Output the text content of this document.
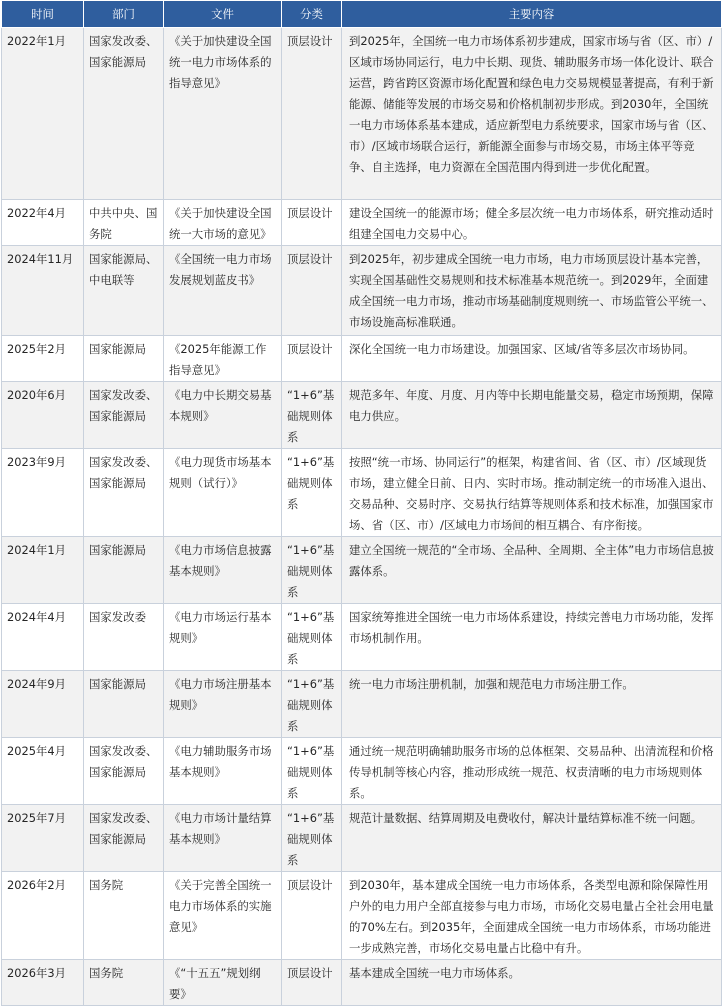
时间	部门	文件	分类	主要内容
2022年1月	国家发改委、国家能源局	《关于加快建设全国统一电力市场体系的指导意见》	顶层设计	到2025年，全国统一电力市场体系初步建成，国家市场与省（区、市）/区域市场协同运行，电力中长期、现货、辅助服务市场一体化设计、联合运营，跨省跨区资源市场化配置和绿色电力交易规模显著提高，有利于新能源、储能等发展的市场交易和价格机制初步形成。到2030年，全国统一电力市场体系基本建成，适应新型电力系统要求，国家市场与省（区、市）/区域市场联合运行，新能源全面参与市场交易，市场主体平等竞争、自主选择，电力资源在全国范围内得到进一步优化配置。
2022年4月	中共中央、国务院	《关于加快建设全国统一大市场的意见》	顶层设计	建设全国统一的能源市场；健全多层次统一电力市场体系，研究推动适时组建全国电力交易中心。
2024年11月	国家能源局、中电联等	《全国统一电力市场发展规划蓝皮书》	顶层设计	到2025年，初步建成全国统一电力市场，电力市场顶层设计基本完善，实现全国基础性交易规则和技术标准基本规范统一。到2029年，全面建成全国统一电力市场，推动市场基础制度规则统一、市场监管公平统一、市场设施高标准联通。
2025年2月	国家能源局	《2025年能源工作指导意见》	顶层设计	深化全国统一电力市场建设。加强国家、区域/省等多层次市场协同。
2020年6月	国家发改委、国家能源局	《电力中长期交易基本规则》	“1+6”基础规则体系	规范多年、年度、月度、月内等中长期电能量交易，稳定市场预期，保障电力供应。
2023年9月	国家发改委、国家能源局	《电力现货市场基本规则（试行）》	“1+6”基础规则体系	按照“统一市场、协同运行”的框架，构建省间、省（区、市）/区域现货市场，建立健全日前、日内、实时市场。推动制定统一的市场准入退出、交易品种、交易时序、交易执行结算等规则体系和技术标准，加强国家市场、省（区、市）/区域电力市场间的相互耦合、有序衔接。
2024年1月	国家能源局	《电力市场信息披露基本规则》	“1+6”基础规则体系	建立全国统一规范的“全市场、全品种、全周期、全主体”电力市场信息披露体系。
2024年4月	国家发改委	《电力市场运行基本规则》	“1+6”基础规则体系	国家统筹推进全国统一电力市场体系建设，持续完善电力市场功能，发挥市场机制作用。
2024年9月	国家能源局	《电力市场注册基本规则》	“1+6”基础规则体系	统一电力市场注册机制，加强和规范电力市场注册工作。
2025年4月	国家发改委、国家能源局	《电力辅助服务市场基本规则》	“1+6”基础规则体系	通过统一规范明确辅助服务市场的总体框架、交易品种、出清流程和价格传导机制等核心内容，推动形成统一规范、权责清晰的电力市场规则体系。
2025年7月	国家发改委、国家能源局	《电力市场计量结算基本规则》	“1+6”基础规则体系	规范计量数据、结算周期及电费收付，解决计量结算标准不统一问题。
2026年2月	国务院	《关于完善全国统一电力市场体系的实施意见》	顶层设计	到2030年，基本建成全国统一电力市场体系，各类型电源和除保障性用户外的电力用户全部直接参与电力市场，市场化交易电量占全社会用电量的70%左右。到2035年，全面建成全国统一电力市场体系，市场功能进一步成熟完善，市场化交易电量占比稳中有升。
2026年3月	国务院	《“十五五”规划纲要》	顶层设计	基本建成全国统一电力市场体系。
